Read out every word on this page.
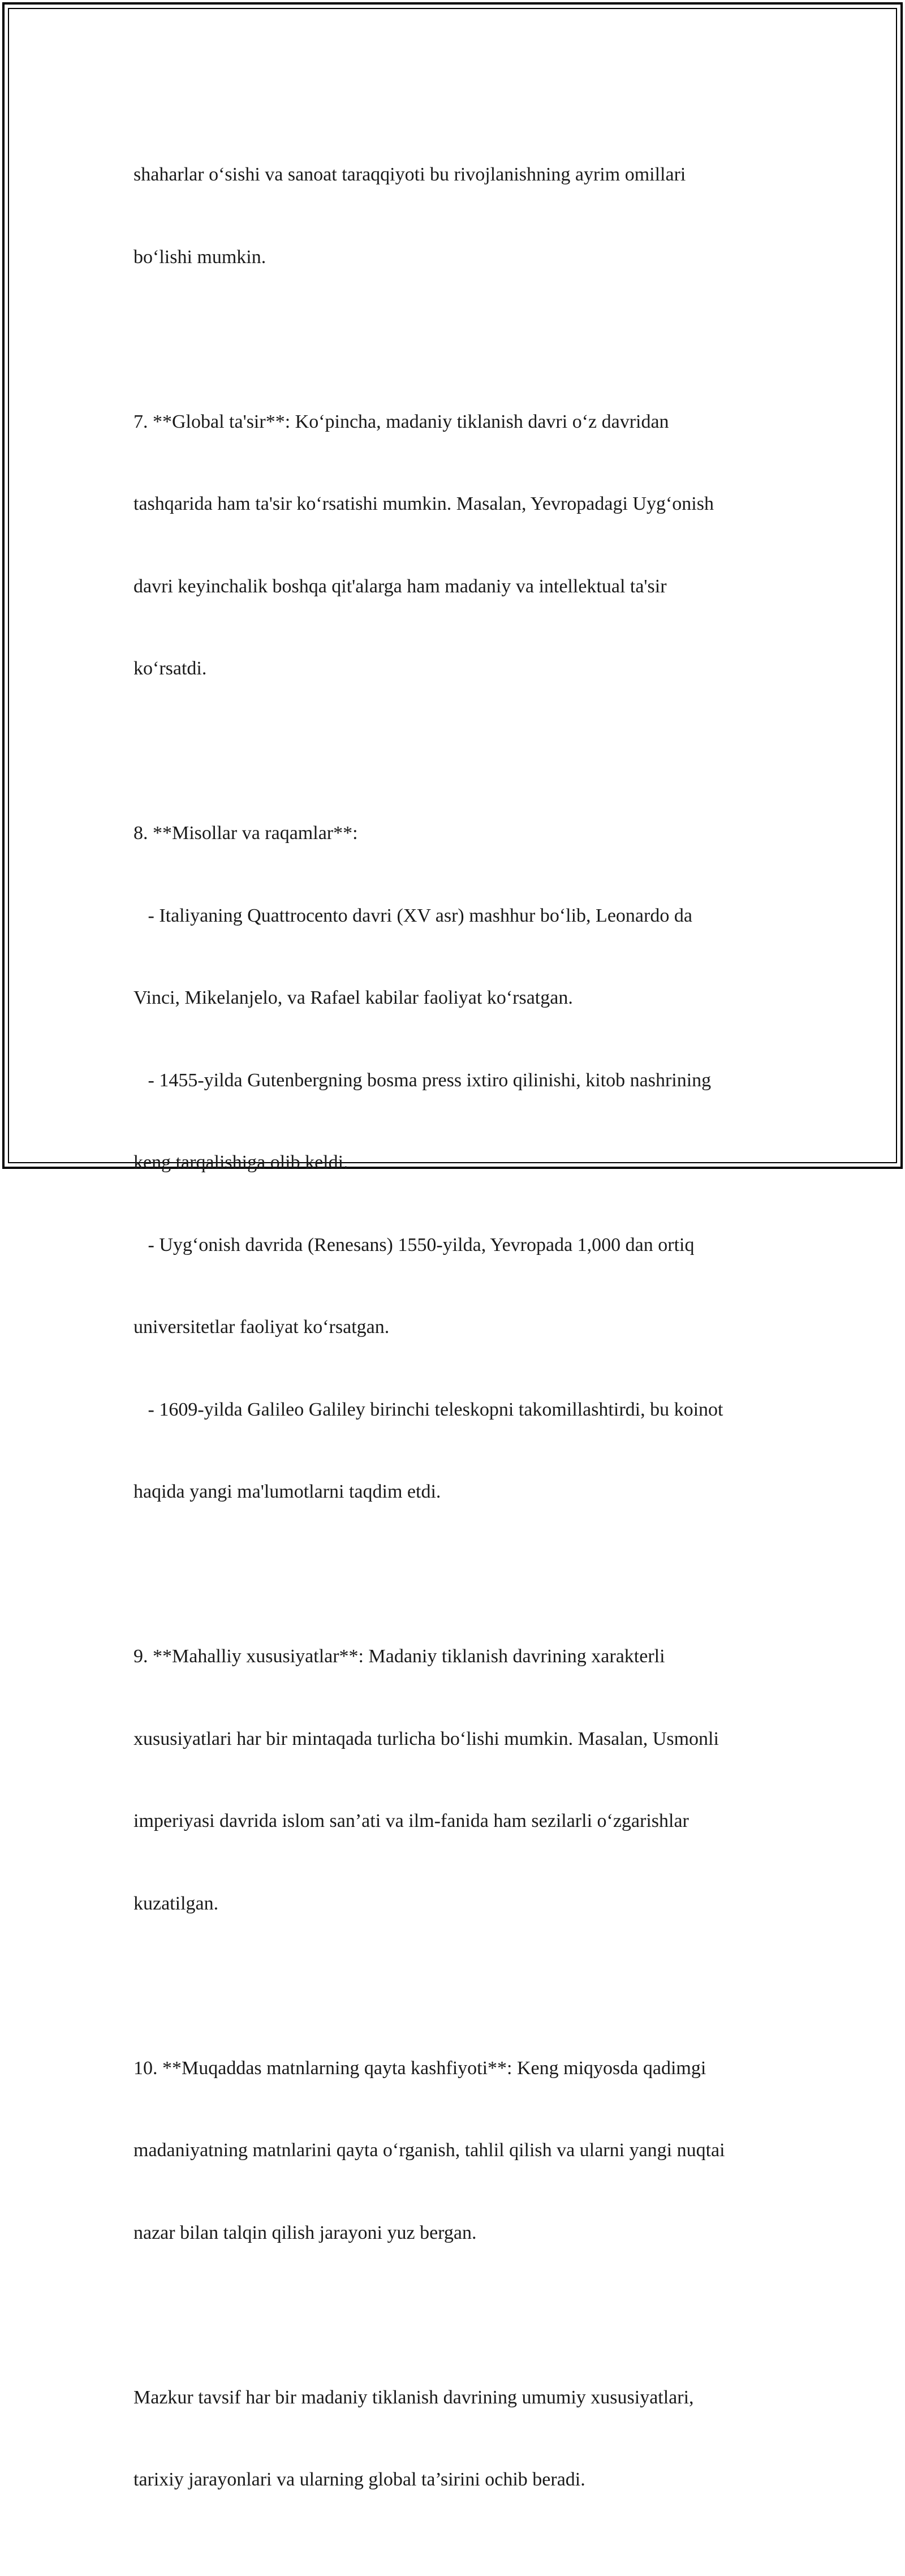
shaharlar o‘sishi va sanoat taraqqiyoti bu rivojlanishning ayrim omillari

bo‘lishi mumkin.

7. **Global ta'sir**: Ko‘pincha, madaniy tiklanish davri o‘z davridan

tashqarida ham ta'sir ko‘rsatishi mumkin. Masalan, Yevropadagi Uyg‘onish

davri keyinchalik boshqa qit'alarga ham madaniy va intellektual ta'sir

ko‘rsatdi.

8. **Misollar va raqamlar**:

- Italiyaning Quattrocento davri (XV asr) mashhur bo‘lib, Leonardo da

Vinci, Mikelanjelo, va Rafael kabilar faoliyat ko‘rsatgan.

- 1455-yilda Gutenbergning bosma press ixtiro qilinishi, kitob nashrining

keng tarqalishiga olib keldi.

- Uyg‘onish davrida (Renesans) 1550-yilda, Yevropada 1,000 dan ortiq

universitetlar faoliyat ko‘rsatgan.

- 1609-yilda Galileo Galiley birinchi teleskopni takomillashtirdi, bu koinot

haqida yangi ma'lumotlarni taqdim etdi.

9. **Mahalliy xususiyatlar**: Madaniy tiklanish davrining xarakterli

xususiyatlari har bir mintaqada turlicha bo‘lishi mumkin. Masalan, Usmonli

imperiyasi davrida islom san’ati va ilm-fanida ham sezilarli o‘zgarishlar

kuzatilgan.

10. **Muqaddas matnlarning qayta kashfiyoti**: Keng miqyosda qadimgi

madaniyatning matnlarini qayta o‘rganish, tahlil qilish va ularni yangi nuqtai

nazar bilan talqin qilish jarayoni yuz bergan.

Mazkur tavsif har bir madaniy tiklanish davrining umumiy xususiyatlari,

tarixiy jarayonlari va ularning global ta’sirini ochib beradi.
